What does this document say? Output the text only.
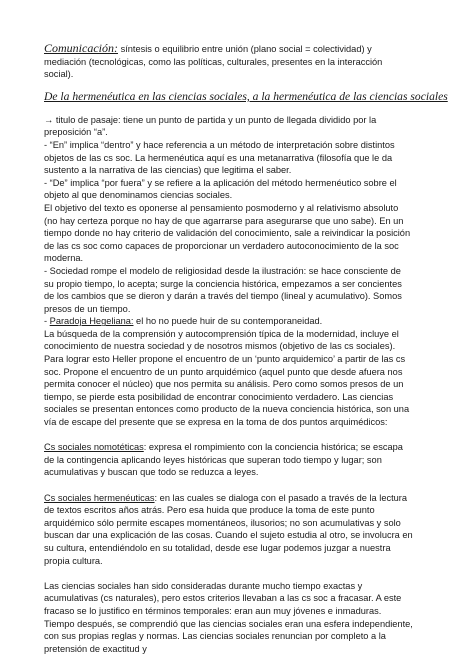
Comunicación: síntesis o equilibrio entre unión (plano social = colectividad) y mediación (tecnológicas, como las políticas, culturales, presentes en la interacción social).

De la hermenéutica en las ciencias sociales, a la hermenéutica de las ciencias sociales

→ titulo de pasaje: tiene un punto de partida y un punto de llegada dividido por la preposición “a”.

- “En” implica “dentro” y hace referencia a un método de interpretación sobre distintos objetos de las cs soc. La hermenéutica aquí es una metanarrativa (filosofía que le da sustento a la narrativa de las ciencias) que legitima el saber.

- “De” implica “por fuera” y se refiere a la aplicación del método hermenéutico sobre el objeto al que denominamos ciencias sociales.

El objetivo del texto es oponerse al pensamiento posmoderno y al relativismo absoluto (no hay certeza porque no hay de que agarrarse para asegurarse que uno sabe). En un tiempo donde no hay criterio de validación del conocimiento, sale a reivindicar la posición de las cs soc como capaces de proporcionar un verdadero autoconocimiento de la soc moderna.

- Sociedad rompe el modelo de religiosidad desde la ilustración: se hace consciente de su propio tiempo, lo acepta; surge la conciencia histórica, empezamos a ser concientes de los cambios que se dieron y darán a través del tiempo (lineal y acumulativo). Somos presos de un tiempo.

- Paradoja Hegeliana: el ho no puede huir de su contemporaneidad.

La búsqueda de la comprensión y autocomprensión típica de la modernidad, incluye el conocimiento de nuestra sociedad y de nosotros mismos (objetivo de las cs sociales). Para lograr esto Heller propone el encuentro de un ‘punto arquidemico’ a partir de las cs soc. Propone el encuentro de un punto arquidémico (aquel punto que desde afuera nos permita conocer el núcleo) que nos permita su análisis. Pero como somos presos de un tiempo, se pierde esta posibilidad de encontrar conocimiento verdadero. Las ciencias sociales se presentan entonces como producto de la nueva conciencia histórica, son una vía de escape del presente que se expresa en la toma de dos puntos arquimédicos:

Cs sociales nomotéticas: expresa el rompimiento con la conciencia histórica; se escapa de la contingencia aplicando leyes históricas que superan todo tiempo y lugar; son acumulativas y buscan que todo se reduzca a leyes.

Cs sociales hermenéuticas: en las cuales se dialoga con el pasado a través de la lectura de textos escritos años atrás. Pero esa huida que produce la toma de este punto arquidémico sólo permite escapes momentáneos, ilusorios; no son acumulativas y solo buscan dar una explicación de las cosas. Cuando el sujeto estudia al otro, se involucra en su cultura, entendiéndolo en su totalidad, desde ese lugar podemos juzgar a nuestra propia cultura.

Las ciencias sociales han sido consideradas durante mucho tiempo exactas y acumulativas (cs naturales), pero estos criterios llevaban a las cs soc a fracasar. A este fracaso se lo justifico en términos temporales: eran aun muy jóvenes e inmaduras. Tiempo después, se comprendió que las ciencias sociales eran una esfera independiente, con sus propias reglas y normas. Las ciencias sociales renuncian por completo a la pretensión de exactitud y
